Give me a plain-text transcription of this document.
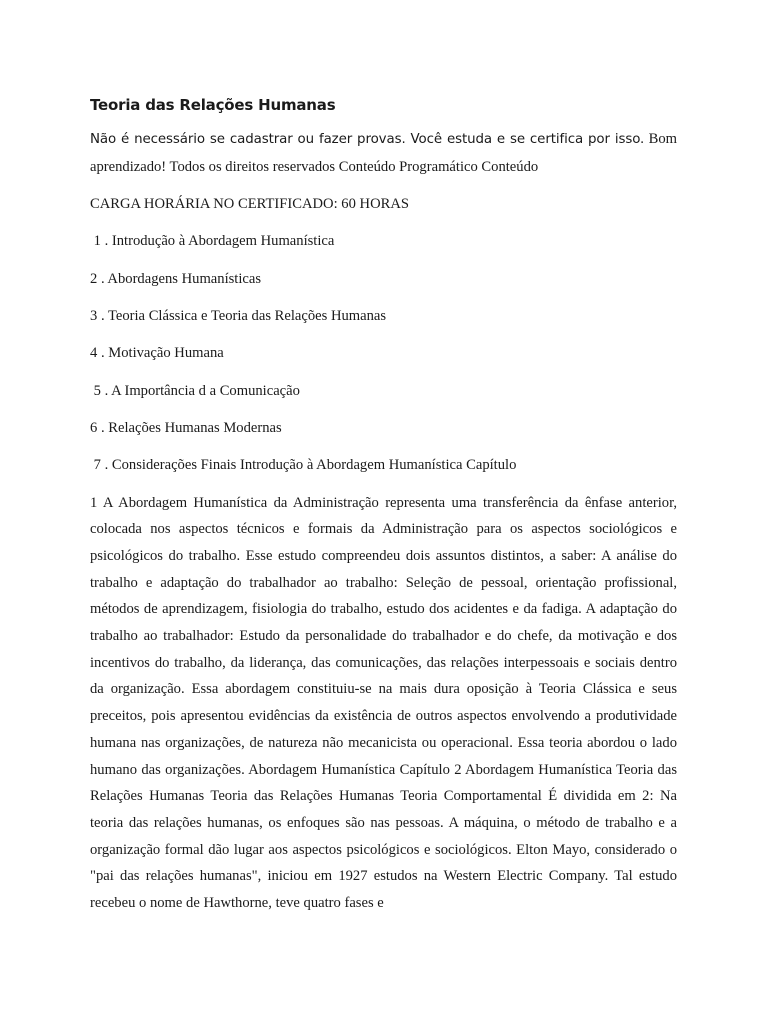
Teoria das Relações Humanas

Não é necessário se cadastrar ou fazer provas. Você estuda e se certifica por isso. Bom aprendizado! Todos os direitos reservados Conteúdo Programático Conteúdo

CARGA HORÁRIA NO CERTIFICADO: 60 HORAS

1 . Introdução à Abordagem Humanística

2 . Abordagens Humanísticas

3 . Teoria Clássica e Teoria das Relações Humanas

4 . Motivação Humana

5 . A Importância d a Comunicação

6 . Relações Humanas Modernas

7 . Considerações Finais Introdução à Abordagem Humanística Capítulo

1 A Abordagem Humanística da Administração representa uma transferência da ênfase anterior, colocada nos aspectos técnicos e formais da Administração para os aspectos sociológicos e psicológicos do trabalho. Esse estudo compreendeu dois assuntos distintos, a saber: A análise do trabalho e adaptação do trabalhador ao trabalho: Seleção de pessoal, orientação profissional, métodos de aprendizagem, fisiologia do trabalho, estudo dos acidentes e da fadiga. A adaptação do trabalho ao trabalhador: Estudo da personalidade do trabalhador e do chefe, da motivação e dos incentivos do trabalho, da liderança, das comunicações, das relações interpessoais e sociais dentro da organização. Essa abordagem constituiu-se na mais dura oposição à Teoria Clássica e seus preceitos, pois apresentou evidências da existência de outros aspectos envolvendo a produtividade humana nas organizações, de natureza não mecanicista ou operacional. Essa teoria abordou o lado humano das organizações. Abordagem Humanística Capítulo 2 Abordagem Humanística Teoria das Relações Humanas Teoria das Relações Humanas Teoria Comportamental É dividida em 2: Na teoria das relações humanas, os enfoques são nas pessoas. A máquina, o método de trabalho e a organização formal dão lugar aos aspectos psicológicos e sociológicos. Elton Mayo, considerado o "pai das relações humanas", iniciou em 1927 estudos na Western Electric Company. Tal estudo recebeu o nome de Hawthorne, teve quatro fases e
